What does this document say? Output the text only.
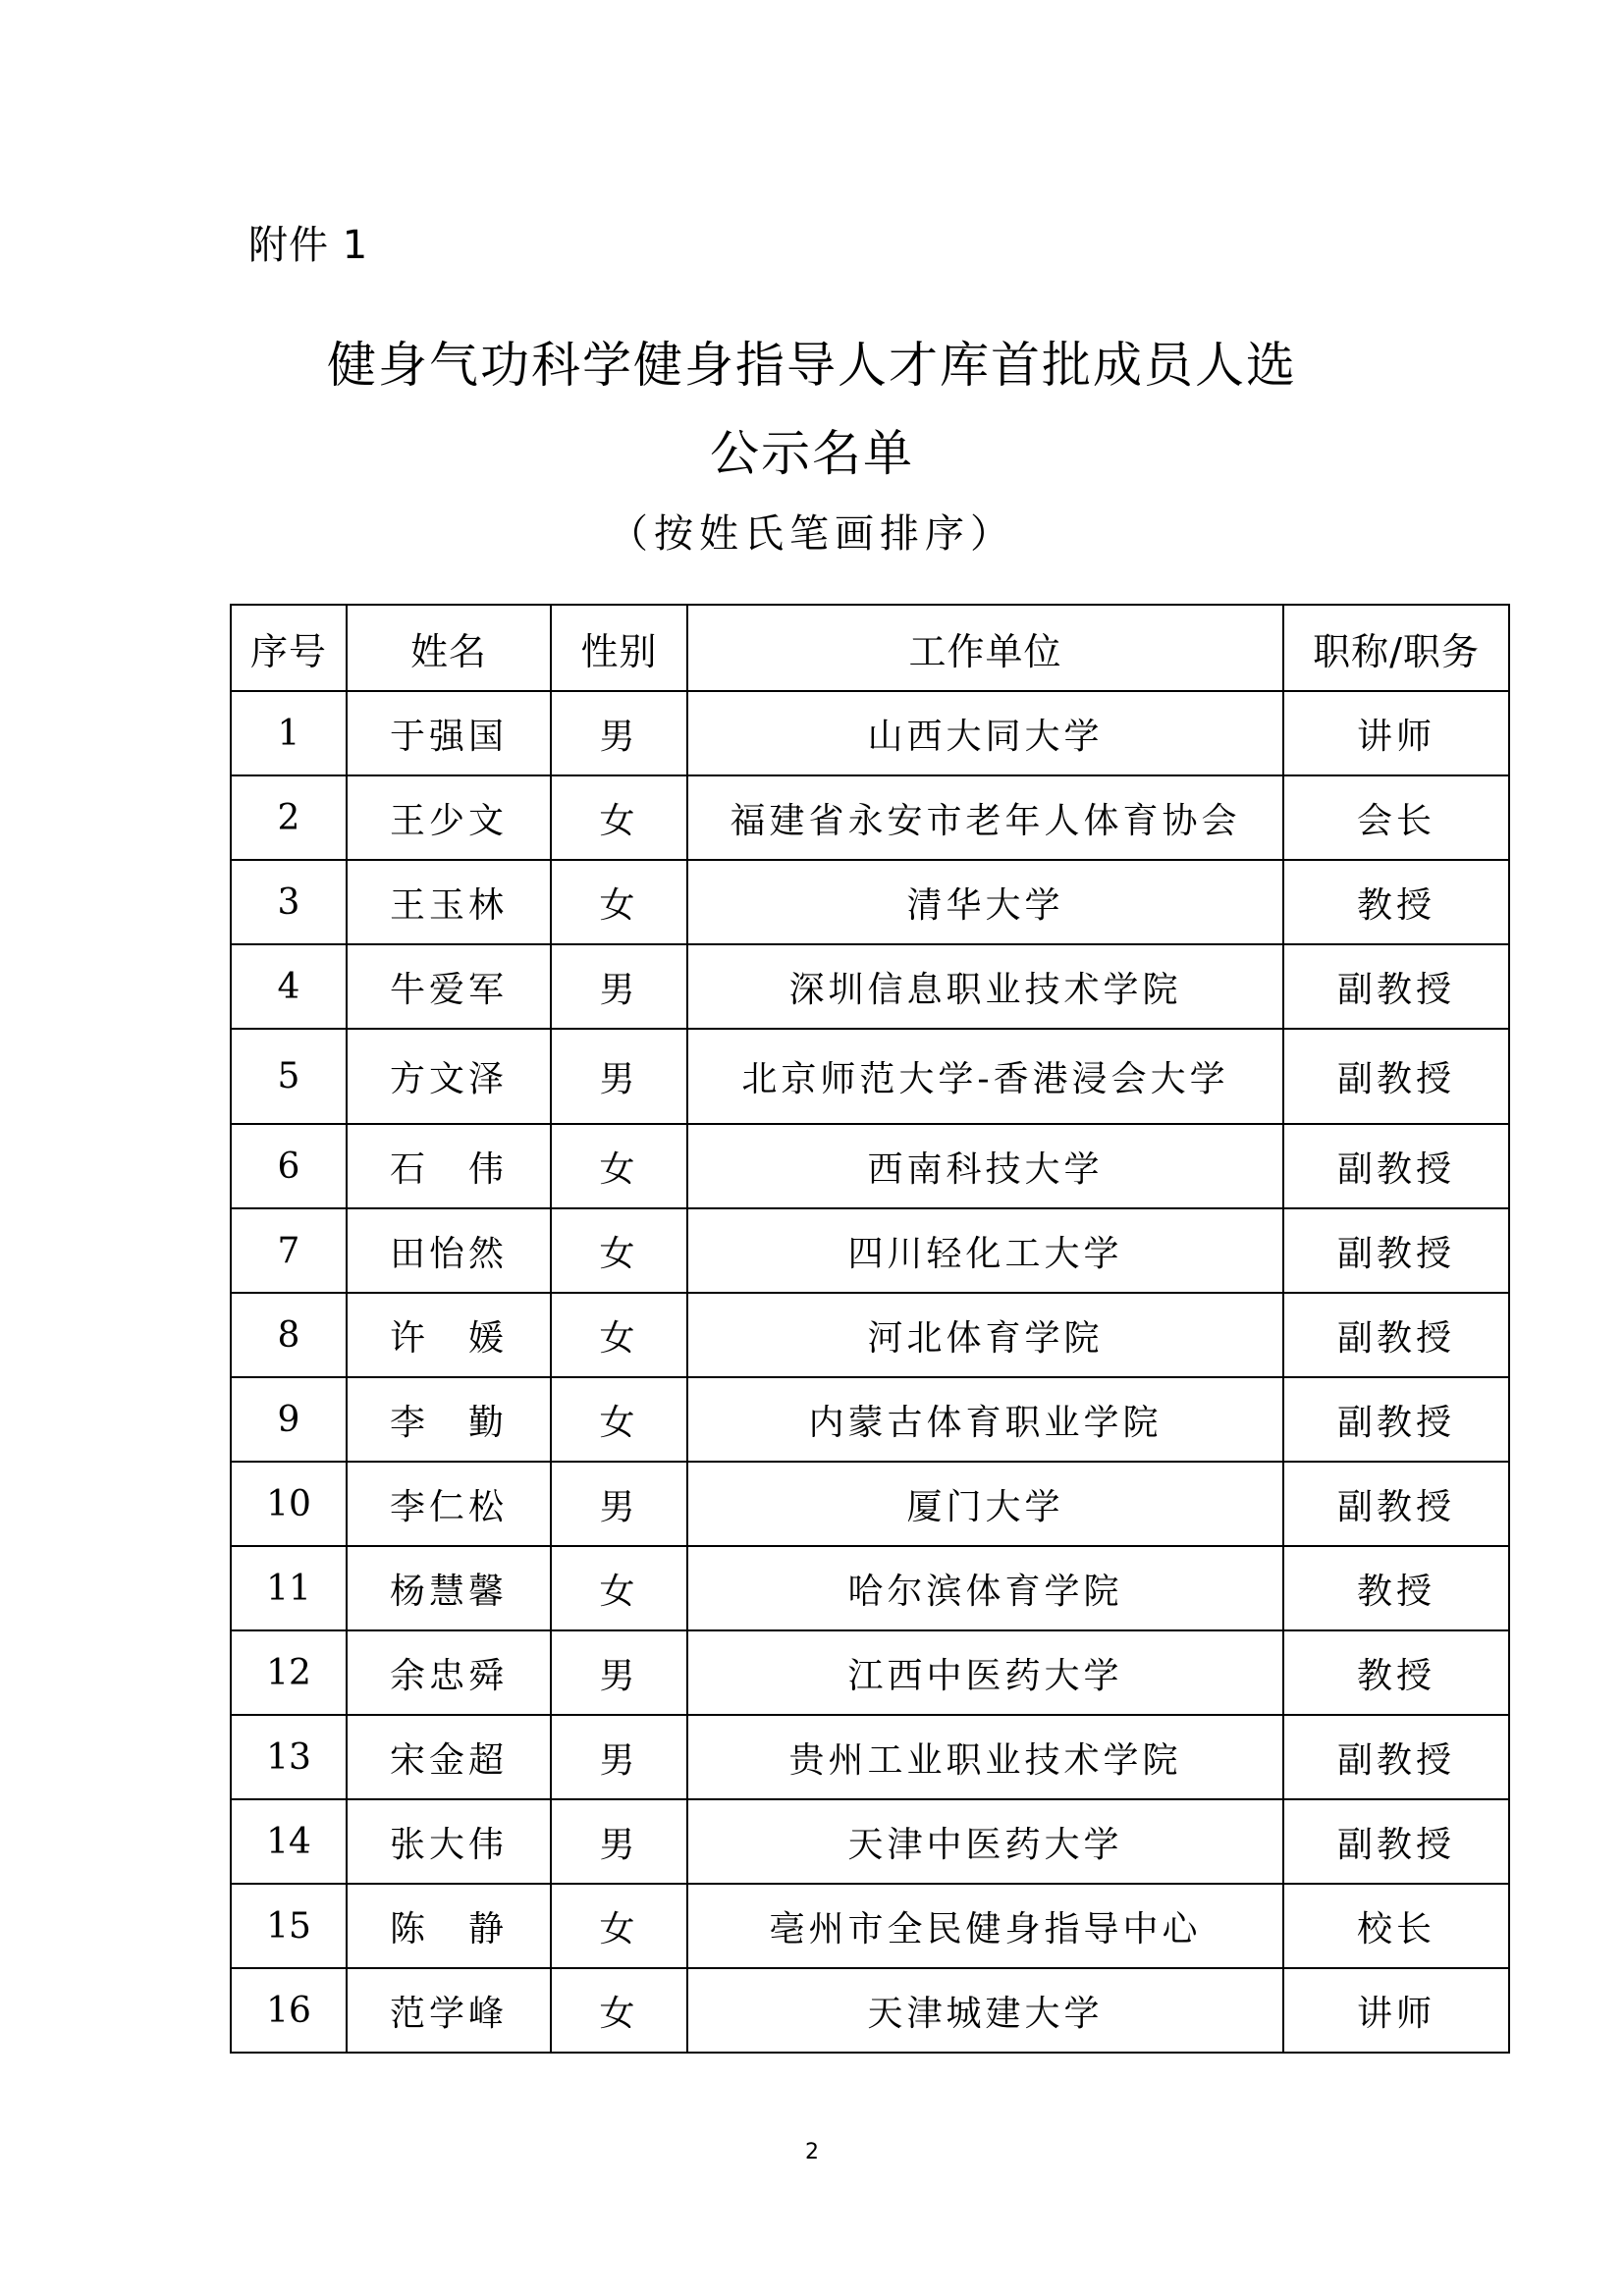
附件 1
健身气功科学健身指导人才库首批成员人选
公示名单
（按姓氏笔画排序）
序号	姓名	性别	工作单位	职称/职务
1	于强国	男	山西大同大学	讲师
2	王少文	女	福建省永安市老年人体育协会	会长
3	王玉林	女	清华大学	教授
4	牛爱军	男	深圳信息职业技术学院	副教授
5	方文泽	男	北京师范大学-香港浸会大学	副教授
6	石　伟	女	西南科技大学	副教授
7	田怡然	女	四川轻化工大学	副教授
8	许　媛	女	河北体育学院	副教授
9	李　勤	女	内蒙古体育职业学院	副教授
10	李仁松	男	厦门大学	副教授
11	杨慧馨	女	哈尔滨体育学院	教授
12	余忠舜	男	江西中医药大学	教授
13	宋金超	男	贵州工业职业技术学院	副教授
14	张大伟	男	天津中医药大学	副教授
15	陈　静	女	亳州市全民健身指导中心	校长
16	范学峰	女	天津城建大学	讲师
2
